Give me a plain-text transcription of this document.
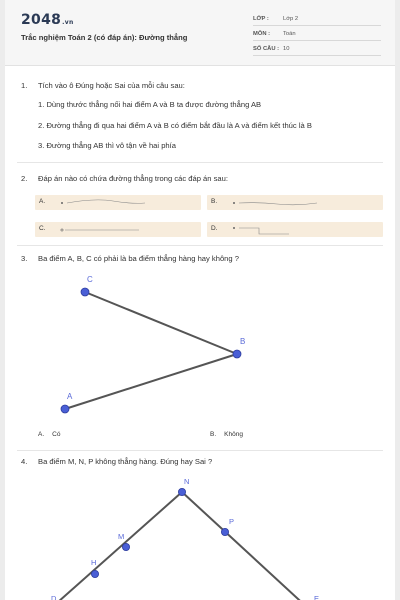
2048.vn
Trắc nghiệm Toán 2 (có đáp án): Đường thẳng
LỚP : Lớp 2
MÔN : Toán
SỐ CÂU : 10
1. Tích vào ô Đúng hoặc Sai của mỗi câu sau:
1. Dùng thước thẳng nối hai điểm A và B ta được đường thẳng AB
2. Đường thẳng đi qua hai điểm A và B có điểm bắt đầu là A và điểm kết thúc là B
3. Đường thẳng AB thì vô tận về hai phía
2. Đáp án nào có chứa đường thẳng trong các đáp án sau:
A.	B.
C.	D.
3. Ba điểm A, B, C có phải là ba điểm thẳng hàng hay không ?
C
B
A
A. Có	B. Không
4. Ba điểm M, N, P không thẳng hàng. Đúng hay Sai ?
N
M
H
P
D	E
